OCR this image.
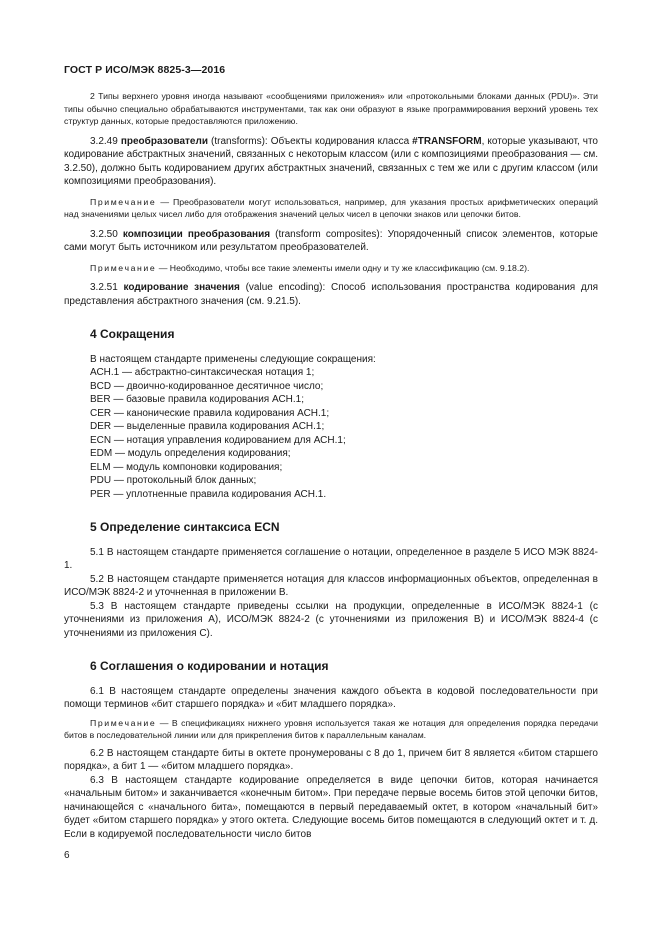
ГОСТ Р ИСО/МЭК 8825-3—2016

2 Типы верхнего уровня иногда называют «сообщениями приложения» или «протокольными блоками данных (PDU)». Эти типы обычно специально обрабатываются инструментами, так как они образуют в языке программирования верхний уровень тех структур данных, которые предоставляются приложению.

3.2.49 преобразователи (transforms): Объекты кодирования класса #TRANSFORM, которые указывают, что кодирование абстрактных значений, связанных с некоторым классом (или с композициями преобразования — см. 3.2.50), должно быть кодированием других абстрактных значений, связанных с тем же или с другим классом (или композициями преобразования).

Примечание — Преобразователи могут использоваться, например, для указания простых арифметических операций над значениями целых чисел либо для отображения значений целых чисел в цепочки знаков или цепочки битов.

3.2.50 композиции преобразования (transform composites): Упорядоченный список элементов, которые сами могут быть источником или результатом преобразователей.

Примечание — Необходимо, чтобы все такие элементы имели одну и ту же классификацию (см. 9.18.2).

3.2.51 кодирование значения (value encoding): Способ использования пространства кодирования для представления абстрактного значения (см. 9.21.5).

4 Сокращения

В настоящем стандарте применены следующие сокращения:

АСН.1 — абстрактно-синтаксическая нотация 1;
BCD — двоично-кодированное десятичное число;
BER — базовые правила кодирования АСН.1;
CER — канонические правила кодирования АСН.1;
DER — выделенные правила кодирования АСН.1;
ECN — нотация управления кодированием для АСН.1;
EDM — модуль определения кодирования;
ELM — модуль компоновки кодирования;
PDU — протокольный блок данных;
PER — уплотненные правила кодирования АСН.1.
5 Определение синтаксиса ECN

5.1 В настоящем стандарте применяется соглашение о нотации, определенное в разделе 5 ИСО МЭК 8824-1.

5.2 В настоящем стандарте применяется нотация для классов информационных объектов, определенная в ИСО/МЭК 8824-2 и уточненная в приложении В.

5.3 В настоящем стандарте приведены ссылки на продукции, определенные в ИСО/МЭК 8824-1 (с уточнениями из приложения А), ИСО/МЭК 8824-2 (с уточнениями из приложения В) и ИСО/МЭК 8824-4 (с уточнениями из приложения С).

6 Соглашения о кодировании и нотация

6.1 В настоящем стандарте определены значения каждого объекта в кодовой последовательности при помощи терминов «бит старшего порядка» и «бит младшего порядка».

Примечание — В спецификациях нижнего уровня используется такая же нотация для определения порядка передачи битов в последовательной линии или для прикрепления битов к параллельным каналам.

6.2 В настоящем стандарте биты в октете пронумерованы с 8 до 1, причем бит 8 является «битом старшего порядка», а бит 1 — «битом младшего порядка».

6.3 В настоящем стандарте кодирование определяется в виде цепочки битов, которая начинается «начальным битом» и заканчивается «конечным битом». При передаче первые восемь битов этой цепочки битов, начинающейся с «начального бита», помещаются в первый передаваемый октет, в котором «начальный бит» будет «битом старшего порядка» у этого октета. Следующие восемь битов помещаются в следующий октет и т. д. Если в кодируемой последовательности число битов

6
